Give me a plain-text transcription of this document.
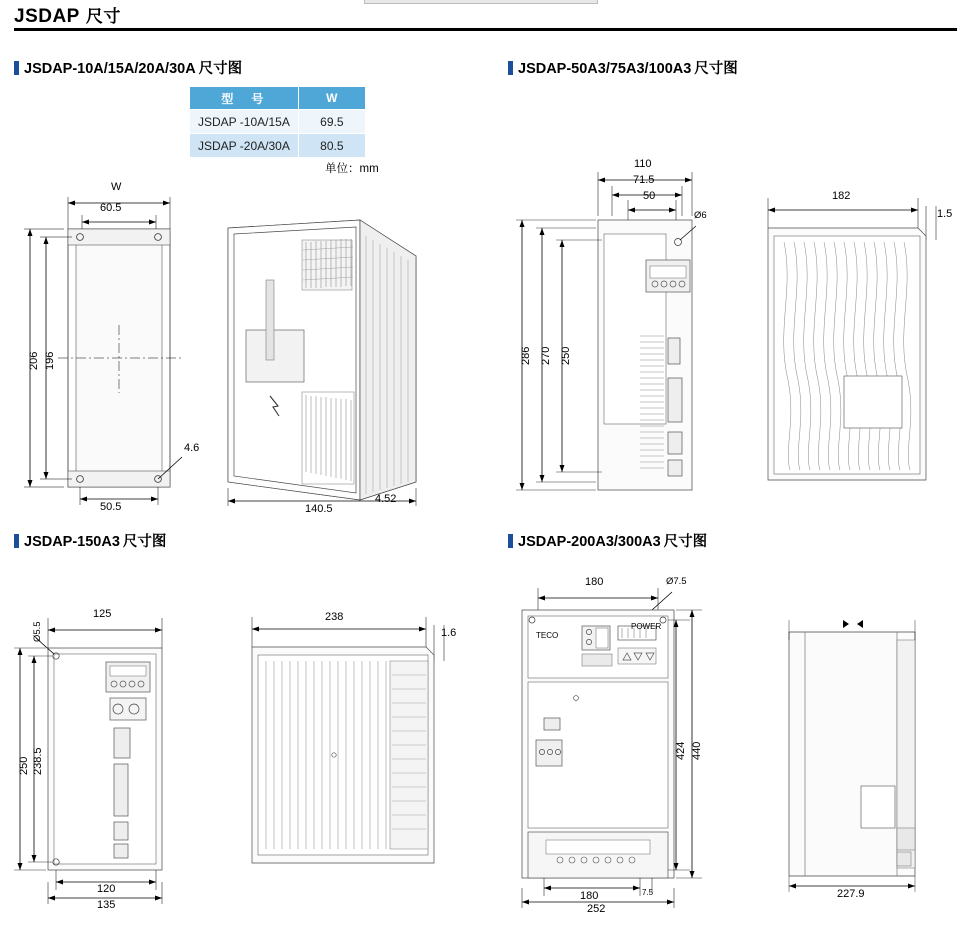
JSDAP 尺寸
JSDAP-10A/15A/20A/30A 尺寸图	JSDAP-50A3/75A3/100A3 尺寸图
JSDAP-150A3 尺寸图	JSDAP-200A3/300A3 尺寸图
型　号	W
JSDAP -10A/15A	69.5
JSDAP -20A/30A	80.5
单位：mm
W
60.5
206 196
4.6
50.5	140.5
4.52
110
71.5
50
Ø6
286 270 250
182
1.5
125
Ø5.5
238.5
250
120
135
238
1.6
180	Ø7.5
424 440
180	7.5
252
TECO
POWER
227.9
